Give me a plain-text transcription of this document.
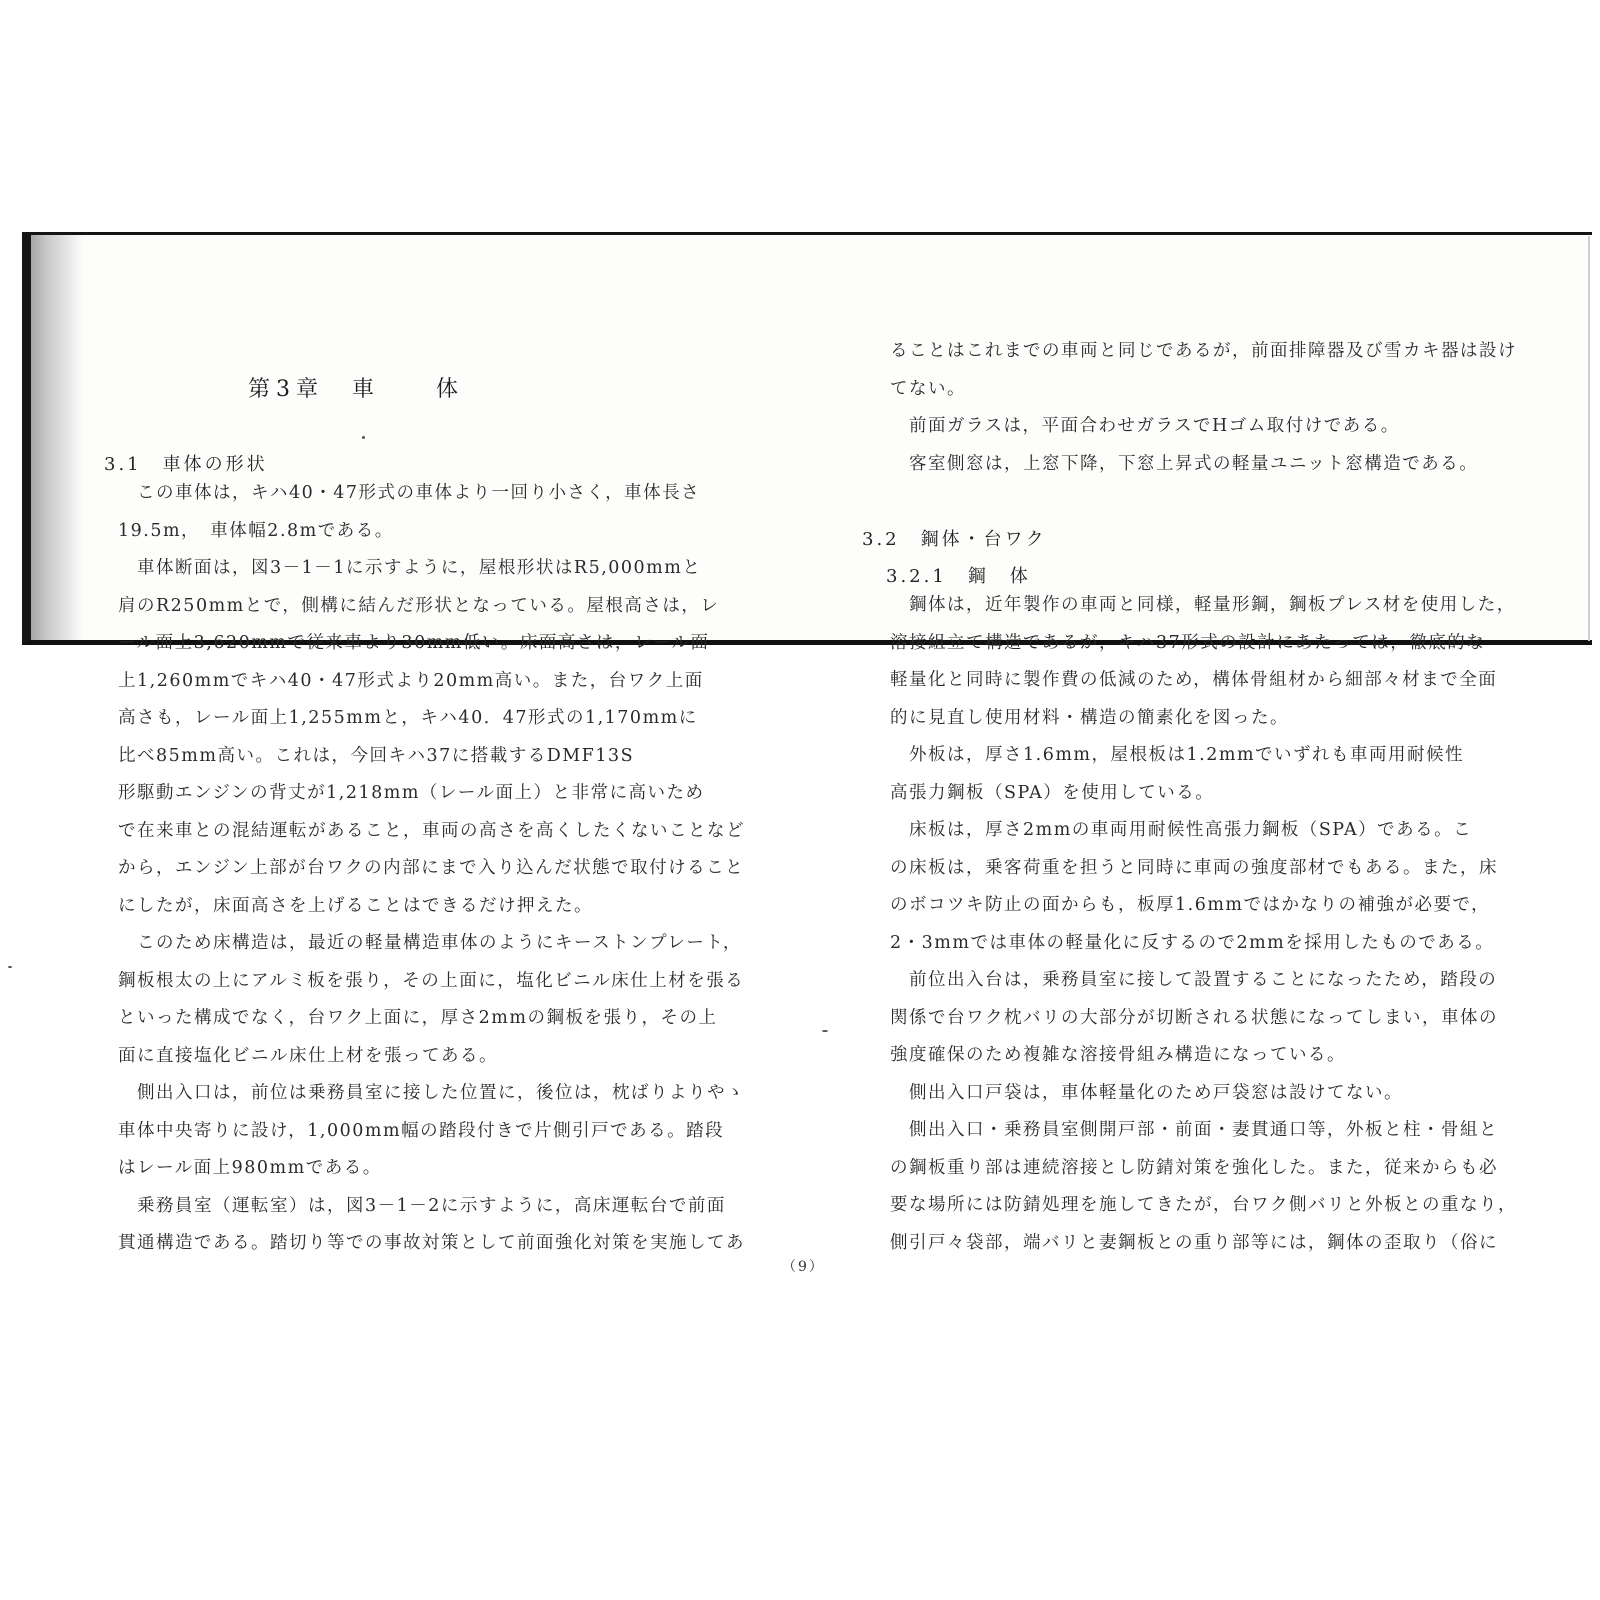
第3章　車　　体
3.1　車体の形状

　この車体は，キハ40・47形式の車体より一回り小さく，車体長さ

19.5m，　車体幅2.8mである。

　車体断面は，図3－1－1に示すように，屋根形状はR5,000mmと

肩のR250mmとで，側構に結んだ形状となっている。屋根高さは，レ

ール面上3,620mmで従来車より30mm低い。床面高さは，レール面

上1,260mmでキハ40・47形式より20mm高い。また，台ワク上面

高さも，レール面上1,255mmと，キハ40．47形式の1,170mmに

比べ85mm高い。これは，今回キハ37に搭載するDMF13S

形駆動エンジンの背丈が1,218mm（レール面上）と非常に高いため

で在来車との混結運転があること，車両の高さを高くしたくないことなど

から，エンジン上部が台ワクの内部にまで入り込んだ状態で取付けること

にしたが，床面高さを上げることはできるだけ押えた。

　このため床構造は，最近の軽量構造車体のようにキーストンプレート，

鋼板根太の上にアルミ板を張り，その上面に，塩化ビニル床仕上材を張る

といった構成でなく，台ワク上面に，厚さ2mmの鋼板を張り，その上

面に直接塩化ビニル床仕上材を張ってある。

　側出入口は，前位は乗務員室に接した位置に，後位は，枕ばりよりやゝ

車体中央寄りに設け，1,000mm幅の踏段付きで片側引戸である。踏段

はレール面上980mmである。

　乗務員室（運転室）は，図3－1－2に示すように，高床運転台で前面

貫通構造である。踏切り等での事故対策として前面強化対策を実施してあ

ることはこれまでの車両と同じであるが，前面排障器及び雪カキ器は設け

てない。

　前面ガラスは，平面合わせガラスでHゴム取付けである。

　客室側窓は，上窓下降，下窓上昇式の軽量ユニット窓構造である。

3.2　鋼体・台ワク
3.2.1　鋼　体

　鋼体は，近年製作の車両と同様，軽量形鋼，鋼板プレス材を使用した，

溶接組立て構造であるが，キハ37形式の設計にあたっては，徹底的な

軽量化と同時に製作費の低減のため，構体骨組材から細部々材まで全面

的に見直し使用材料・構造の簡素化を図った。

　外板は，厚さ1.6mm，屋根板は1.2mmでいずれも車両用耐候性

高張力鋼板（SPA）を使用している。

　床板は，厚さ2mmの車両用耐候性高張力鋼板（SPA）である。こ

の床板は，乗客荷重を担うと同時に車両の強度部材でもある。また，床

のボコツキ防止の面からも，板厚1.6mmではかなりの補強が必要で，

2・3mmでは車体の軽量化に反するので2mmを採用したものである。

　前位出入台は，乗務員室に接して設置することになったため，踏段の

関係で台ワク枕バリの大部分が切断される状態になってしまい，車体の

強度確保のため複雑な溶接骨組み構造になっている。

　側出入口戸袋は，車体軽量化のため戸袋窓は設けてない。

　側出入口・乗務員室側開戸部・前面・妻貫通口等，外板と柱・骨組と

の鋼板重り部は連続溶接とし防錆対策を強化した。また，従来からも必

要な場所には防錆処理を施してきたが，台ワク側バリと外板との重なり，

側引戸々袋部，端バリと妻鋼板との重り部等には，鋼体の歪取り（俗に

（9）
